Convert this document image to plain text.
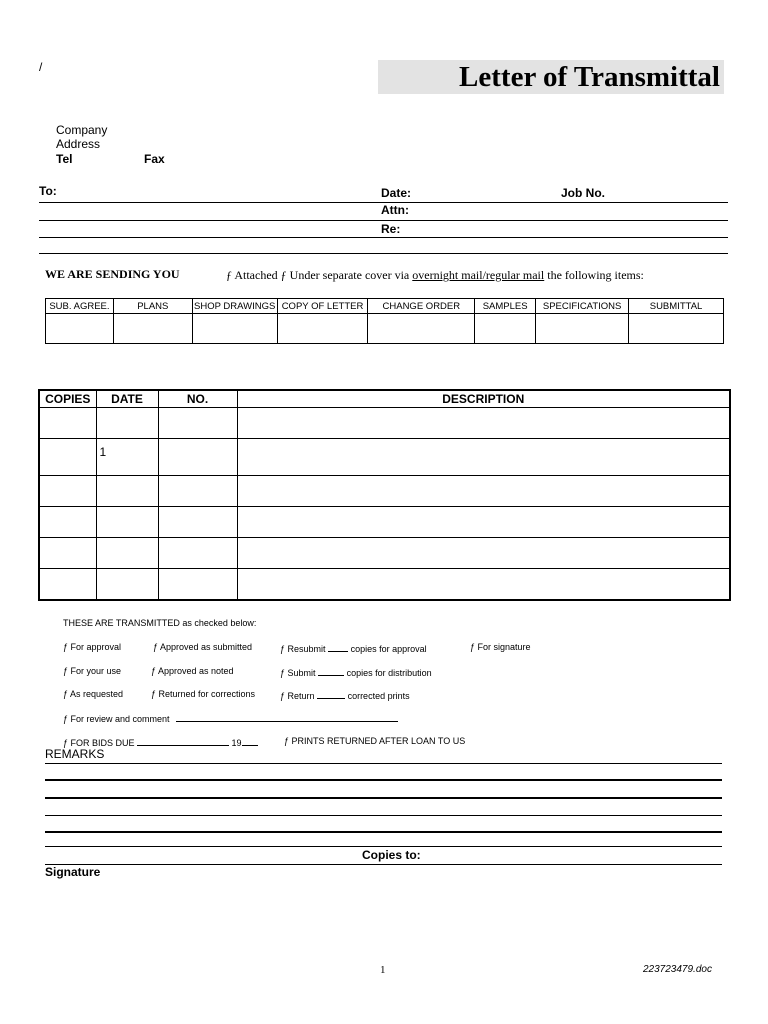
/	Letter of Transmittal
Company
Address
Tel	Fax
To:	Date:	Job No.
Attn:
Re:
WE ARE SENDING YOU	ƒ Attached ƒ Under separate cover via overnight mail/regular mail the following items:
SUB. AGREE.	PLANS	SHOP DRAWINGS	COPY OF LETTER	CHANGE ORDER	SAMPLES	SPECIFICATIONS	SUBMITTAL

COPIES	DATE	NO.	DESCRIPTION

	1		

THESE ARE TRANSMITTED as checked below:
ƒ For approval	ƒ Approved as submitted	ƒ Resubmit	copies for approval	ƒ For signature
ƒ For your use	ƒ Approved as noted	ƒ Submit	copies for distribution
ƒ As requested	ƒ Returned for corrections	ƒ Return	corrected prints
ƒ For review and comment
ƒ FOR BIDS DUE	19	ƒ PRINTS RETURNED AFTER LOAN TO US
REMARKS
Copies to:
Signature
1	223723479.doc
